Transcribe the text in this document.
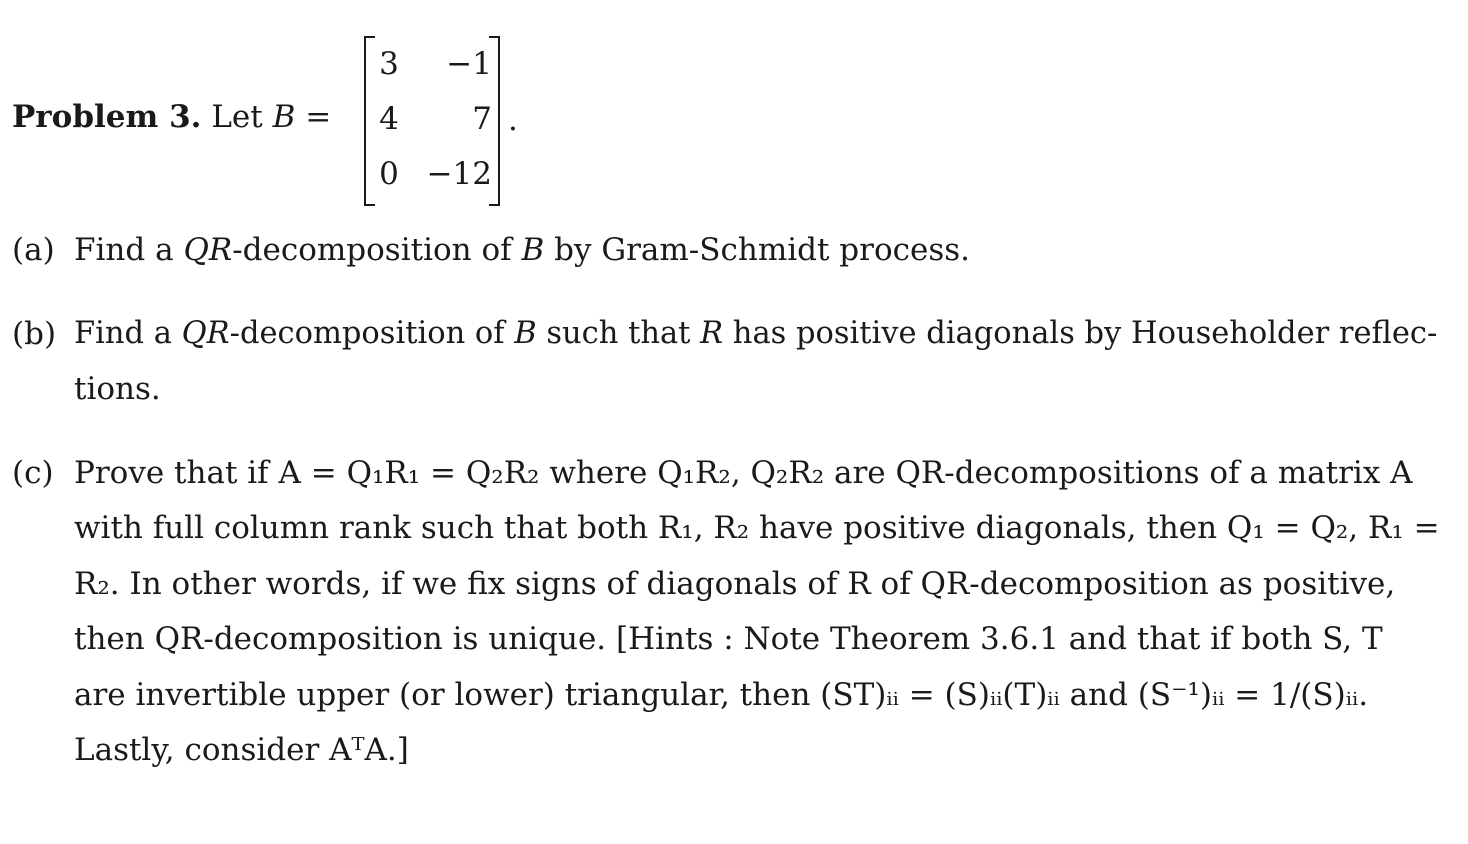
Problem 3. Let B =
3	−1
4	7
0 −12
.
(a) Find a QR-decomposition of B by Gram-Schmidt process.
(b) Find a QR-decomposition of B such that R has positive diagonals by Householder reflec-
tions.
(c) Prove that if A = Q₁R₁ = Q₂R₂ where Q₁R₂, Q₂R₂ are QR-decompositions of a matrix A
with full column rank such that both R₁, R₂ have positive diagonals, then Q₁ = Q₂, R₁ =
R₂. In other words, if we fix signs of diagonals of R of QR-decomposition as positive,
then QR-decomposition is unique. [Hints : Note Theorem 3.6.1 and that if both S, T
are invertible upper (or lower) triangular, then (ST)ᵢᵢ = (S)ᵢᵢ(T)ᵢᵢ and (S⁻¹)ᵢᵢ = 1/(S)ᵢᵢ.
Lastly, consider AᵀA.]
